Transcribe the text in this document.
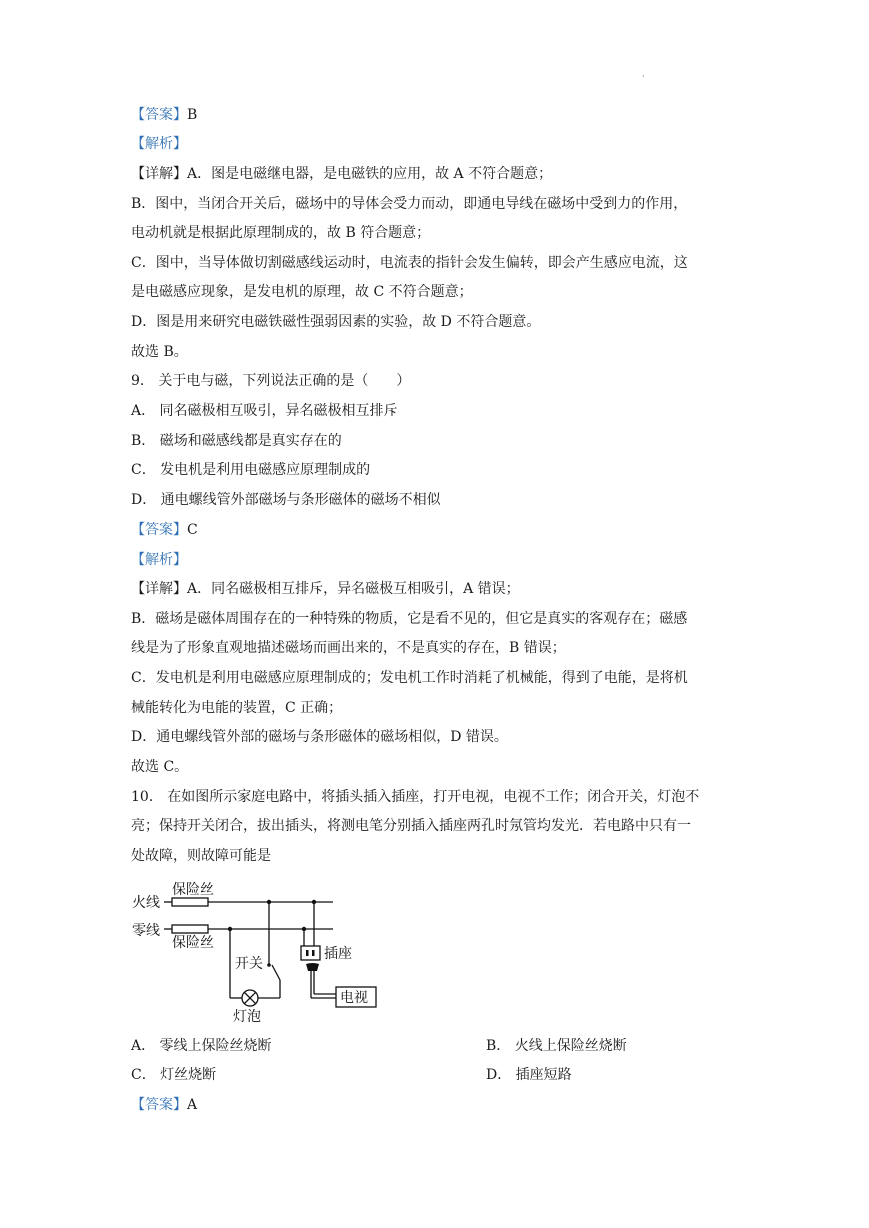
·
【答案】B
【解析】
【详解】A．图是电磁继电器，是电磁铁的应用，故 A 不符合题意；
B．图中，当闭合开关后，磁场中的导体会受力而动，即通电导线在磁场中受到力的作用，
电动机就是根据此原理制成的，故 B 符合题意；
C．图中，当导体做切割磁感线运动时，电流表的指针会发生偏转，即会产生感应电流，这
是电磁感应现象，是发电机的原理，故 C 不符合题意；
D．图是用来研究电磁铁磁性强弱因素的实验，故 D 不符合题意。
故选 B。
9． 关于电与磁，下列说法正确的是（　　）
A． 同名磁极相互吸引，异名磁极相互排斥
B． 磁场和磁感线都是真实存在的
C． 发电机是利用电磁感应原理制成的
D． 通电螺线管外部磁场与条形磁体的磁场不相似
【答案】C
【解析】
【详解】A．同名磁极相互排斥，异名磁极互相吸引，A 错误；
B．磁场是磁体周围存在的一种特殊的物质，它是看不见的，但它是真实的客观存在；磁感
线是为了形象直观地描述磁场而画出来的，不是真实的存在，B 错误；
C．发电机是利用电磁感应原理制成的；发电机工作时消耗了机械能，得到了电能，是将机
械能转化为电能的装置，C 正确；
D．通电螺线管外部的磁场与条形磁体的磁场相似，D 错误。
故选 C。
10． 在如图所示家庭电路中，将插头插入插座，打开电视，电视不工作；闭合开关，灯泡不
亮；保持开关闭合，拔出插头，将测电笔分别插入插座两孔时氖管均发光．若电路中只有一
处故障，则故障可能是
火线
保险丝
零线
保险丝
开关
插座
电视
灯泡
A． 零线上保险丝烧断	B． 火线上保险丝烧断
C． 灯丝烧断	D． 插座短路
【答案】A
